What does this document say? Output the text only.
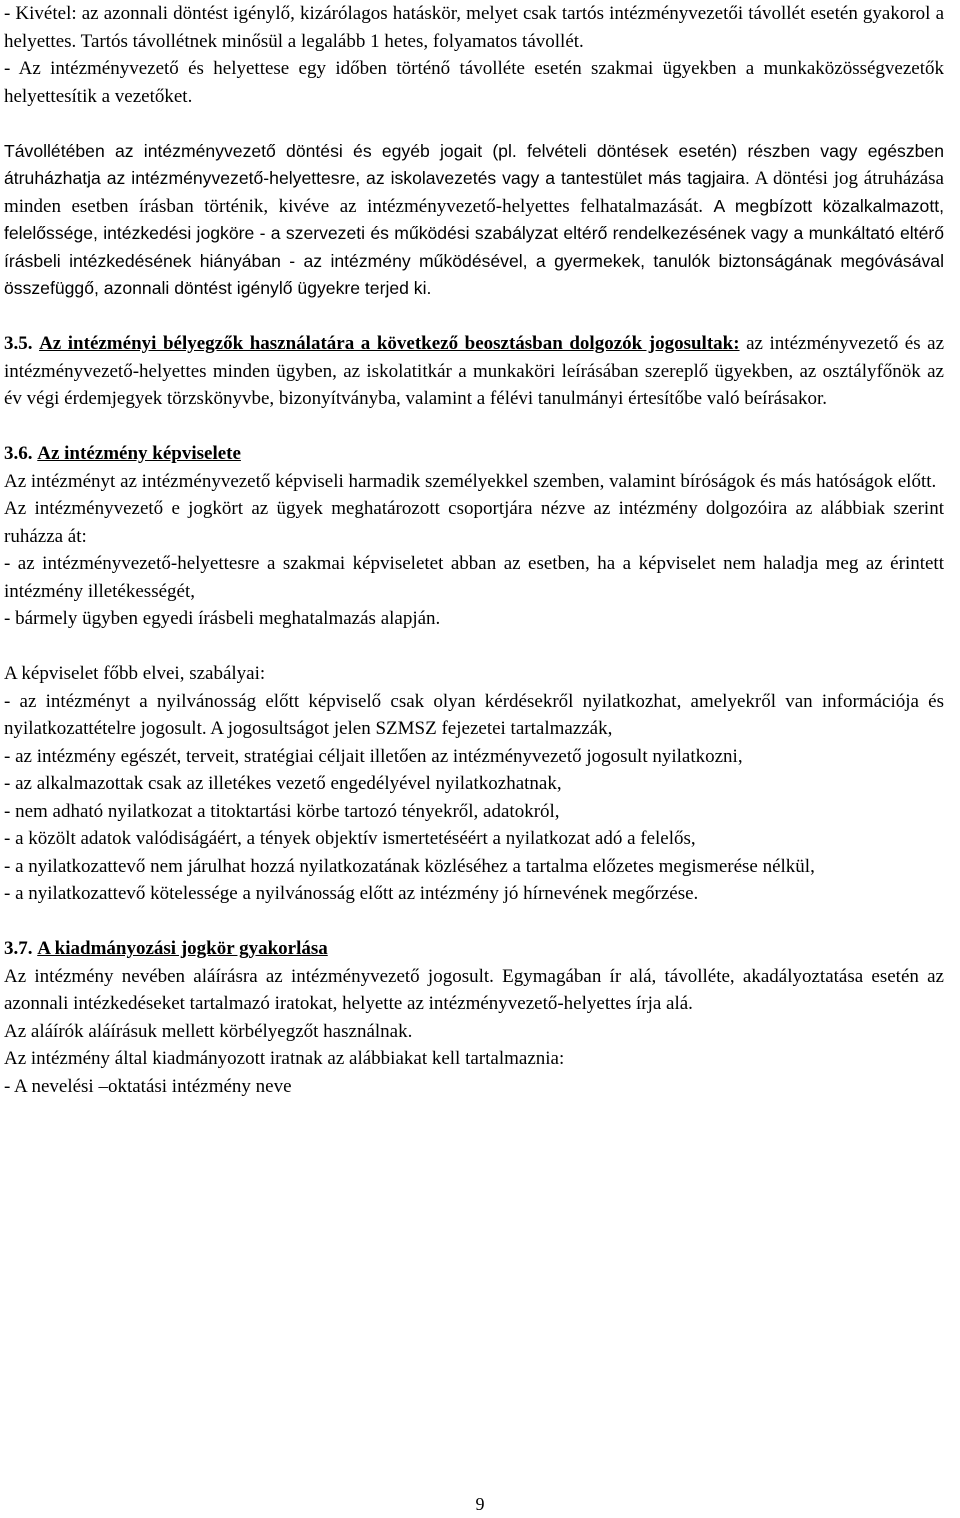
- Kivétel: az azonnali döntést igénylő, kizárólagos hatáskör, melyet csak tartós intézményvezetői távollét esetén gyakorol a helyettes. Tartós távollétnek minősül a legalább 1 hetes, folyamatos távollét.

- Az intézményvezető és helyettese egy időben történő távolléte esetén szakmai ügyekben a munkaközösségvezetők helyettesítik a vezetőket.

Távollétében az intézményvezető döntési és egyéb jogait (pl. felvételi döntések esetén) részben vagy egészben átruházhatja az intézményvezető-helyettesre, az iskolavezetés vagy a tantestület más tagjaira. A döntési jog átruházása minden esetben írásban történik, kivéve az intézményvezető-helyettes felhatalmazását. A megbízott közalkalmazott, felelőssége, intézkedési jogköre - a szervezeti és működési szabályzat eltérő rendelkezésének vagy a munkáltató eltérő írásbeli intézkedésének hiányában - az intézmény működésével, a gyermekek, tanulók biztonságának megóvásával összefüggő, azonnali döntést igénylő ügyekre terjed ki.

3.5. Az intézményi bélyegzők használatára a következő beosztásban dolgozók jogosultak: az intézményvezető és az intézményvezető-helyettes minden ügyben, az iskolatitkár a munkaköri leírásában szereplő ügyekben, az osztályfőnök az év végi érdemjegyek törzskönyvbe, bizonyítványba, valamint a félévi tanulmányi értesítőbe való beírásakor.

3.6. Az intézmény képviselete

Az intézményt az intézményvezető képviseli harmadik személyekkel szemben, valamint bíróságok és más hatóságok előtt.

Az intézményvezető e jogkört az ügyek meghatározott csoportjára nézve az intézmény dolgozóira az alábbiak szerint ruházza át:

- az intézményvezető-helyettesre a szakmai képviseletet abban az esetben, ha a képviselet nem haladja meg az érintett intézmény illetékességét,

- bármely ügyben egyedi írásbeli meghatalmazás alapján.

A képviselet főbb elvei, szabályai:

- az intézményt a nyilvánosság előtt képviselő csak olyan kérdésekről nyilatkozhat, amelyekről van információja és nyilatkozattételre jogosult. A jogosultságot jelen SZMSZ fejezetei tartalmazzák,

- az intézmény egészét, terveit, stratégiai céljait illetően az intézményvezető jogosult nyilatkozni,

- az alkalmazottak csak az illetékes vezető engedélyével nyilatkozhatnak,

- nem adható nyilatkozat a titoktartási körbe tartozó tényekről, adatokról,

- a közölt adatok valódiságáért, a tények objektív ismertetéséért a nyilatkozat adó a felelős,

- a nyilatkozattevő nem járulhat hozzá nyilatkozatának közléséhez a tartalma előzetes megismerése nélkül,

- a nyilatkozattevő kötelessége a nyilvánosság előtt az intézmény jó hírnevének megőrzése.

3.7. A kiadmányozási jogkör gyakorlása

Az intézmény nevében aláírásra az intézményvezető jogosult. Egymagában ír alá, távolléte, akadályoztatása esetén az azonnali intézkedéseket tartalmazó iratokat, helyette az intézményvezető-helyettes írja alá.

Az aláírók aláírásuk mellett körbélyegzőt használnak.

Az intézmény által kiadmányozott iratnak az alábbiakat kell tartalmaznia:

- A nevelési –oktatási intézmény neve

9
